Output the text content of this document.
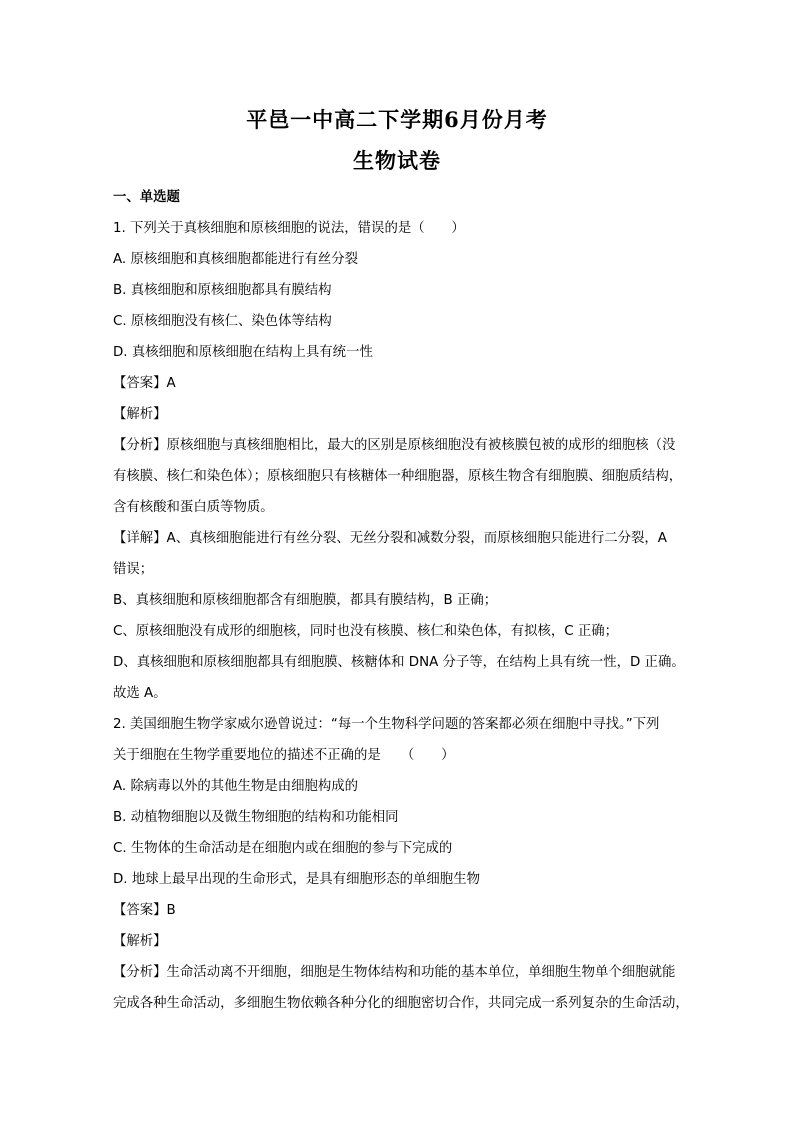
平邑一中高二下学期6月份月考
生物试卷
一、单选题
1. 下列关于真核细胞和原核细胞的说法，错误的是（　　）
A. 原核细胞和真核细胞都能进行有丝分裂
B. 真核细胞和原核细胞都具有膜结构
C. 原核细胞没有核仁、染色体等结构
D. 真核细胞和原核细胞在结构上具有统一性
【答案】A
【解析】
【分析】原核细胞与真核细胞相比，最大的区别是原核细胞没有被核膜包被的成形的细胞核（没
有核膜、核仁和染色体）；原核细胞只有核糖体一种细胞器，原核生物含有细胞膜、细胞质结构，
含有核酸和蛋白质等物质。
【详解】A、真核细胞能进行有丝分裂、无丝分裂和减数分裂，而原核细胞只能进行二分裂，A
错误；
B、真核细胞和原核细胞都含有细胞膜，都具有膜结构，B 正确；
C、原核细胞没有成形的细胞核，同时也没有核膜、核仁和染色体，有拟核，C 正确；
D、真核细胞和原核细胞都具有细胞膜、核糖体和 DNA 分子等，在结构上具有统一性，D 正确。
故选 A。
2. 美国细胞生物学家威尔逊曾说过：“每一个生物科学问题的答案都必须在细胞中寻找。”下列
关于细胞在生物学重要地位的描述不正确的是　　（　　）
A. 除病毒以外的其他生物是由细胞构成的
B. 动植物细胞以及微生物细胞的结构和功能相同
C. 生物体的生命活动是在细胞内或在细胞的参与下完成的
D. 地球上最早出现的生命形式，是具有细胞形态的单细胞生物
【答案】B
【解析】
【分析】生命活动离不开细胞，细胞是生物体结构和功能的基本单位，单细胞生物单个细胞就能
完成各种生命活动，多细胞生物依赖各种分化的细胞密切合作，共同完成一系列复杂的生命活动，
